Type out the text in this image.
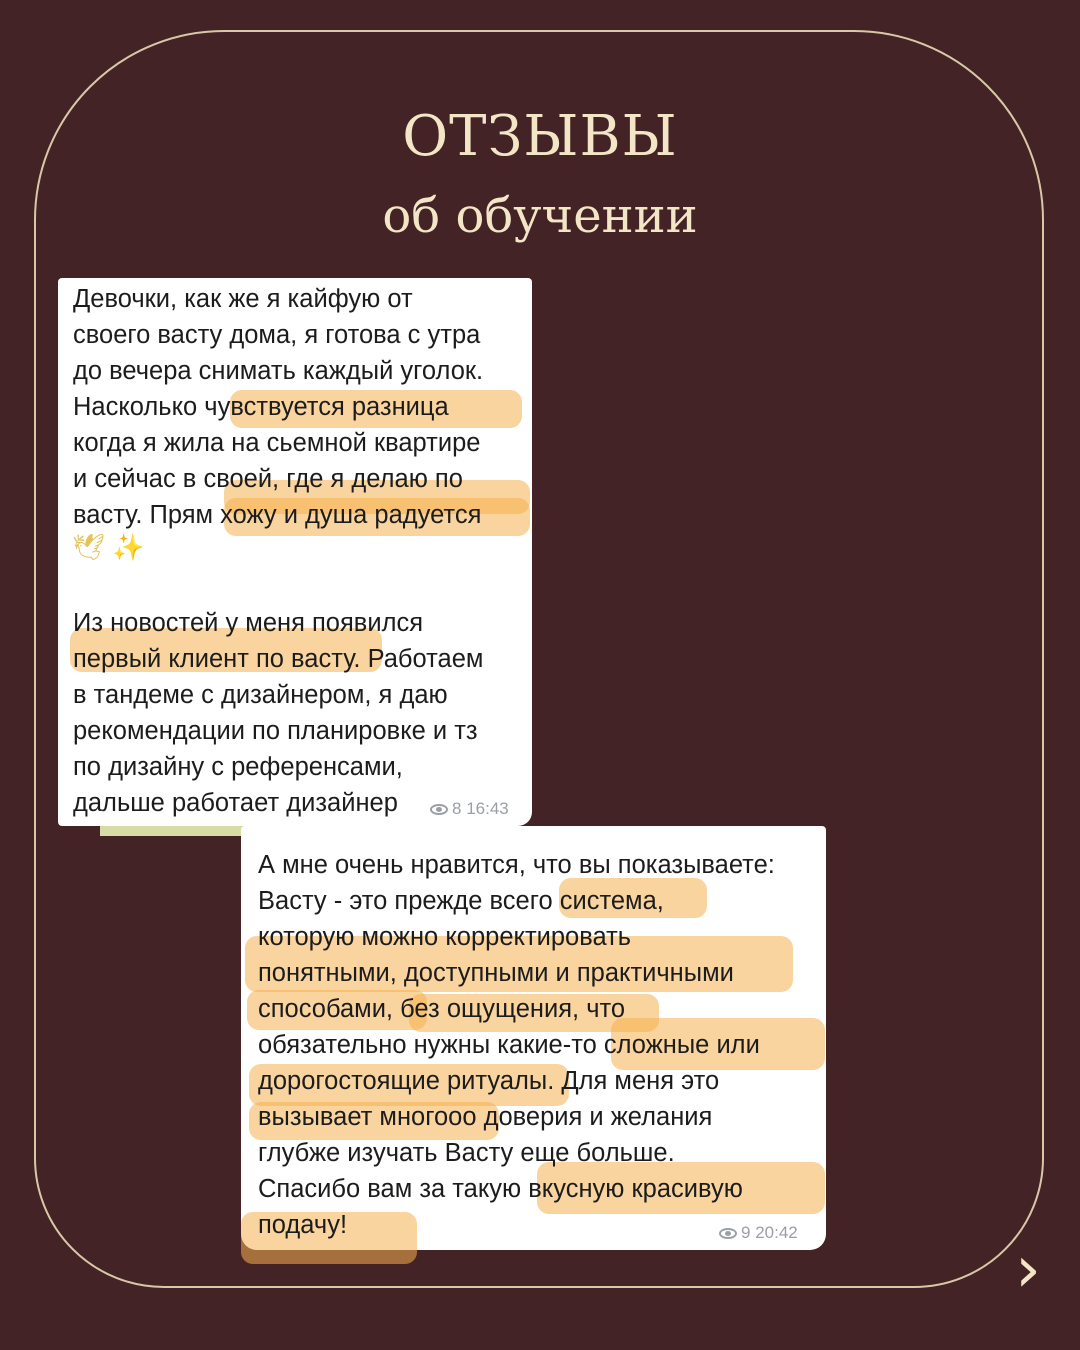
ОТЗЫВЫ
об обучении
Девочки, как же я кайфую от
своего васту дома, я готова с утра
до вечера снимать каждый уголок.
Насколько чувствуется разница
когда я жила на сьемной квартире
и сейчас в своей, где я делаю по
васту. Прям хожу и душа радуется
🕊 ✨
Из новостей у меня появился
первый клиент по васту. Работаем
в тандеме с дизайнером, я даю
рекомендации по планировке и тз
по дизайну с референсами,
дальше работает дизайнер	8 16:43
А мне очень нравится, что вы показываете:
Васту - это прежде всего система,
которую можно корректировать
понятными, доступными и практичными
способами, без ощущения, что
обязательно нужны какие-то сложные или
дорогостоящие ритуалы. Для меня это
вызывает многооо доверия и желания
глубже изучать Васту еще больше.
Спасибо вам за такую вкусную красивую
подачу!	9 20:42
›
